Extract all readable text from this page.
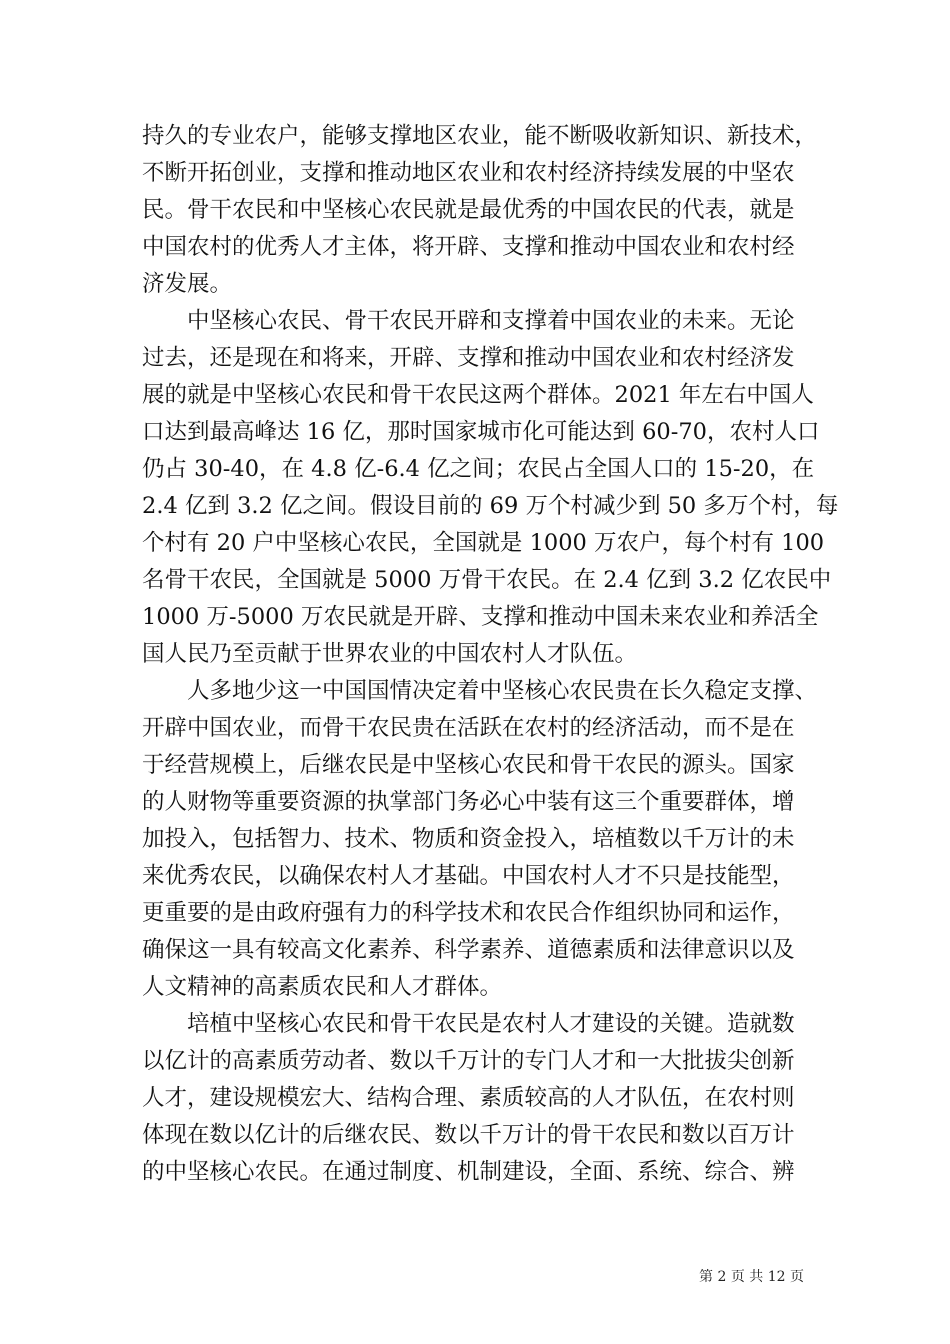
持久的专业农户，能够支撑地区农业，能不断吸收新知识、新技术，
不断开拓创业，支撑和推动地区农业和农村经济持续发展的中坚农
民。骨干农民和中坚核心农民就是最优秀的中国农民的代表，就是
中国农村的优秀人才主体，将开辟、支撑和推动中国农业和农村经
济发展。
中坚核心农民、骨干农民开辟和支撑着中国农业的未来。无论
过去，还是现在和将来，开辟、支撑和推动中国农业和农村经济发
展的就是中坚核心农民和骨干农民这两个群体。2021 年左右中国人
口达到最高峰达 16 亿，那时国家城市化可能达到 60-70，农村人口
仍占 30-40，在 4.8 亿-6.4 亿之间；农民占全国人口的 15-20，在
2.4 亿到 3.2 亿之间。假设目前的 69 万个村减少到 50 多万个村，每
个村有 20 户中坚核心农民，全国就是 1000 万农户，每个村有 100
名骨干农民，全国就是 5000 万骨干农民。在 2.4 亿到 3.2 亿农民中
1000 万-5000 万农民就是开辟、支撑和推动中国未来农业和养活全
国人民乃至贡献于世界农业的中国农村人才队伍。
人多地少这一中国国情决定着中坚核心农民贵在长久稳定支撑、
开辟中国农业，而骨干农民贵在活跃在农村的经济活动，而不是在
于经营规模上，后继农民是中坚核心农民和骨干农民的源头。国家
的人财物等重要资源的执掌部门务必心中装有这三个重要群体，增
加投入，包括智力、技术、物质和资金投入，培植数以千万计的未
来优秀农民，以确保农村人才基础。中国农村人才不只是技能型，
更重要的是由政府强有力的科学技术和农民合作组织协同和运作，
确保这一具有较高文化素养、科学素养、道德素质和法律意识以及
人文精神的高素质农民和人才群体。
培植中坚核心农民和骨干农民是农村人才建设的关键。造就数
以亿计的高素质劳动者、数以千万计的专门人才和一大批拔尖创新
人才，建设规模宏大、结构合理、素质较高的人才队伍，在农村则
体现在数以亿计的后继农民、数以千万计的骨干农民和数以百万计
的中坚核心农民。在通过制度、机制建设，全面、系统、综合、辨
第 2 页 共 12 页
